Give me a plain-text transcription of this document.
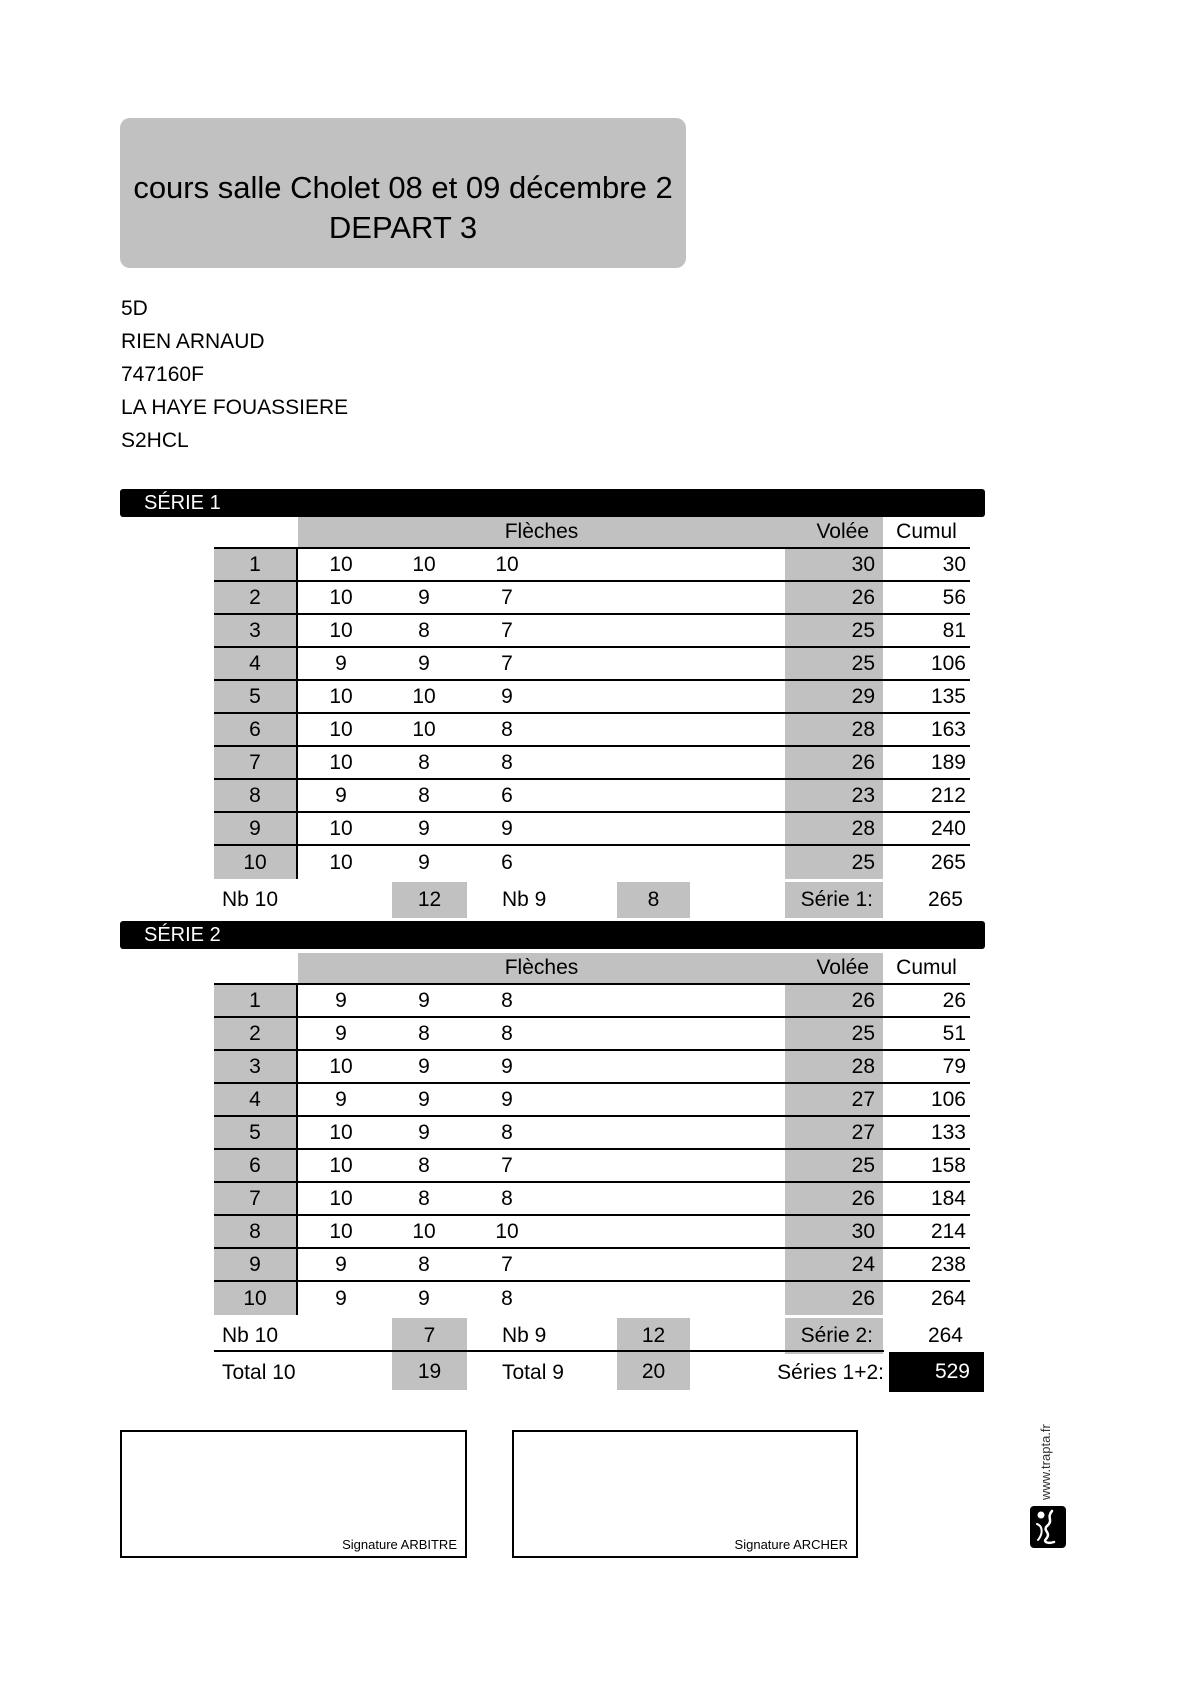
cours salle Cholet 08 et 09 décembre 2
DEPART 3
5D
RIEN ARNAUD
747160F
LA HAYE FOUASSIERE
S2HCL
SÉRIE 1
Flèches	Volée	Cumul
1	10	10	10	30	30
2	10	9	7	26	56
3	10	8	7	25	81
4	9	9	7	25	106
5	10	10	9	29	135
6	10	10	8	28	163
7	10	8	8	26	189
8	9	8	6	23	212
9	10	9	9	28	240
10	10	9	6	25	265
Nb 10	12	Nb 9	8	Série 1:	265
SÉRIE 2
Flèches	Volée	Cumul
1	9	9	8	26	26
2	9	8	8	25	51
3	10	9	9	28	79
4	9	9	9	27	106
5	10	9	8	27	133
6	10	8	7	25	158
7	10	8	8	26	184
8	10	10	10	30	214
9	9	8	7	24	238
10	9	9	8	26	264
Nb 10	7	Nb 9	12	Série 2:	264
Total 10	19	Total 9	20	Séries 1+2:	529
Signature ARBITRE	Signature ARCHER
www.trapta.fr
